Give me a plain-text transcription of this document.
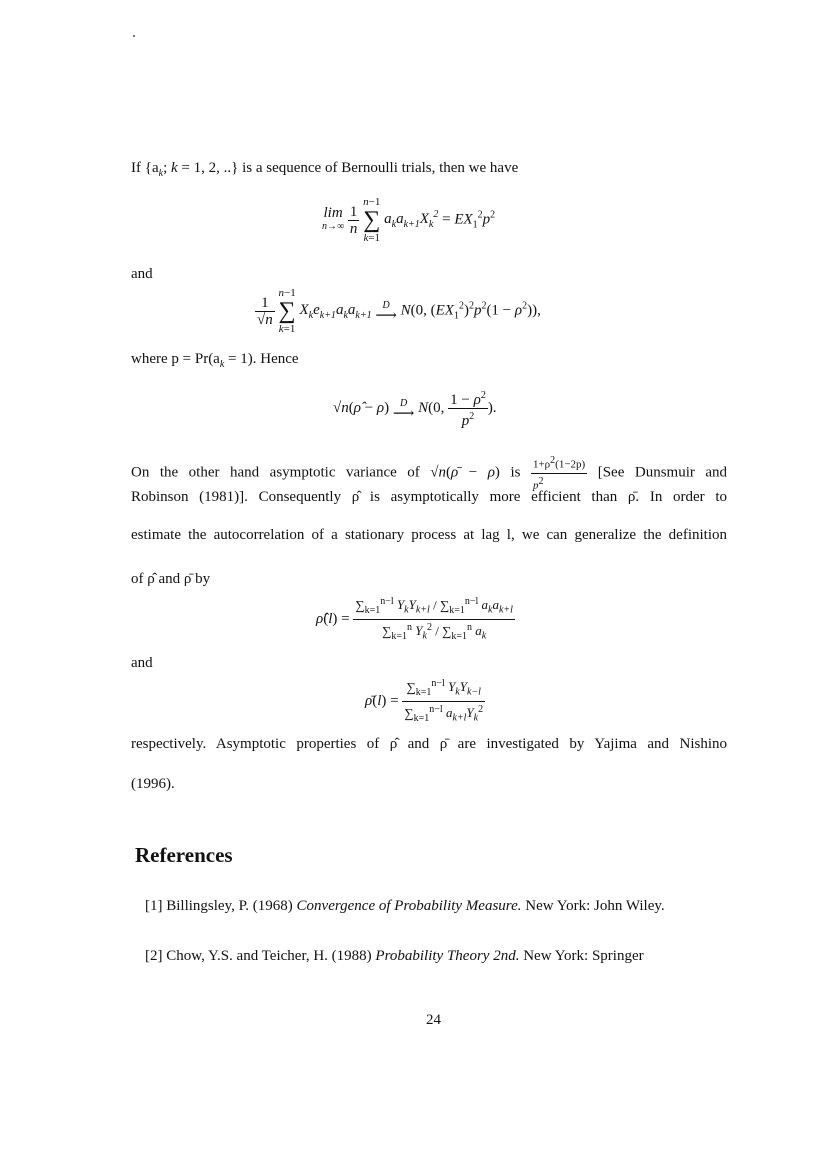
If {$a_k$; k = 1, 2, ..} is a sequence of Bernoulli trials, then we have
lim
n→∞
$\frac{1}{n}$

n−1
∑
k=1
$a_ka_{k+1}X_k^2 = EX_1^2p^2$
and
$\frac{1}{√n}$

n−1
∑
k=1
$X_ke_{k+1}a_ka_{k+1}$
D
⟶ N(0, $(EX_1^2)^2p^2(1 - \rho^2)$),
where $p = Pr(a_k = 1)$. Hence
√n(ρ̂ − ρ) D
⟶ N(0, $\frac{1 - \rho^2}{p^2}$ ).
On the other hand asymptotic variance of √n(ρ̄ − ρ) is $\frac{1+\rho^2(1-2p)}{p^2} [See$ Dunsmuir and
Robinson (1981)]. Consequently ρ̂ is asymptotically more efficient than ρ̄. In order to
estimate the autocorrelation of a stationary process at lag l, we can generalize the definition
of ρ̂ and ρ̄ by
ρ̂(l) = $\frac{\sum_{k=1}^{n-l} Y_kY_{k+l} / \sum_{k=1}^{n-l} a_ka_{k+l}}{\sum_{k=1}^n Y_k^2 / \sum_{k=1}^n a_k}$
and
ρ̄(l) = $\frac{\sum_{k=1}^{n-l} Y_kY_{k-l}}{\sum_{k=1}^{n-l} a_{k+l}Y_k^2}$
respectively. Asymptotic properties of ρ̂ and ρ̄ are investigated by Yajima and Nishino
(1996).
References
[1] Billingsley, P. (1968) Convergence of Probability Measure. New York: John Wiley.
[2] Chow, Y.S. and Teicher, H. (1988) Probability Theory 2nd. New York: Springer
24
